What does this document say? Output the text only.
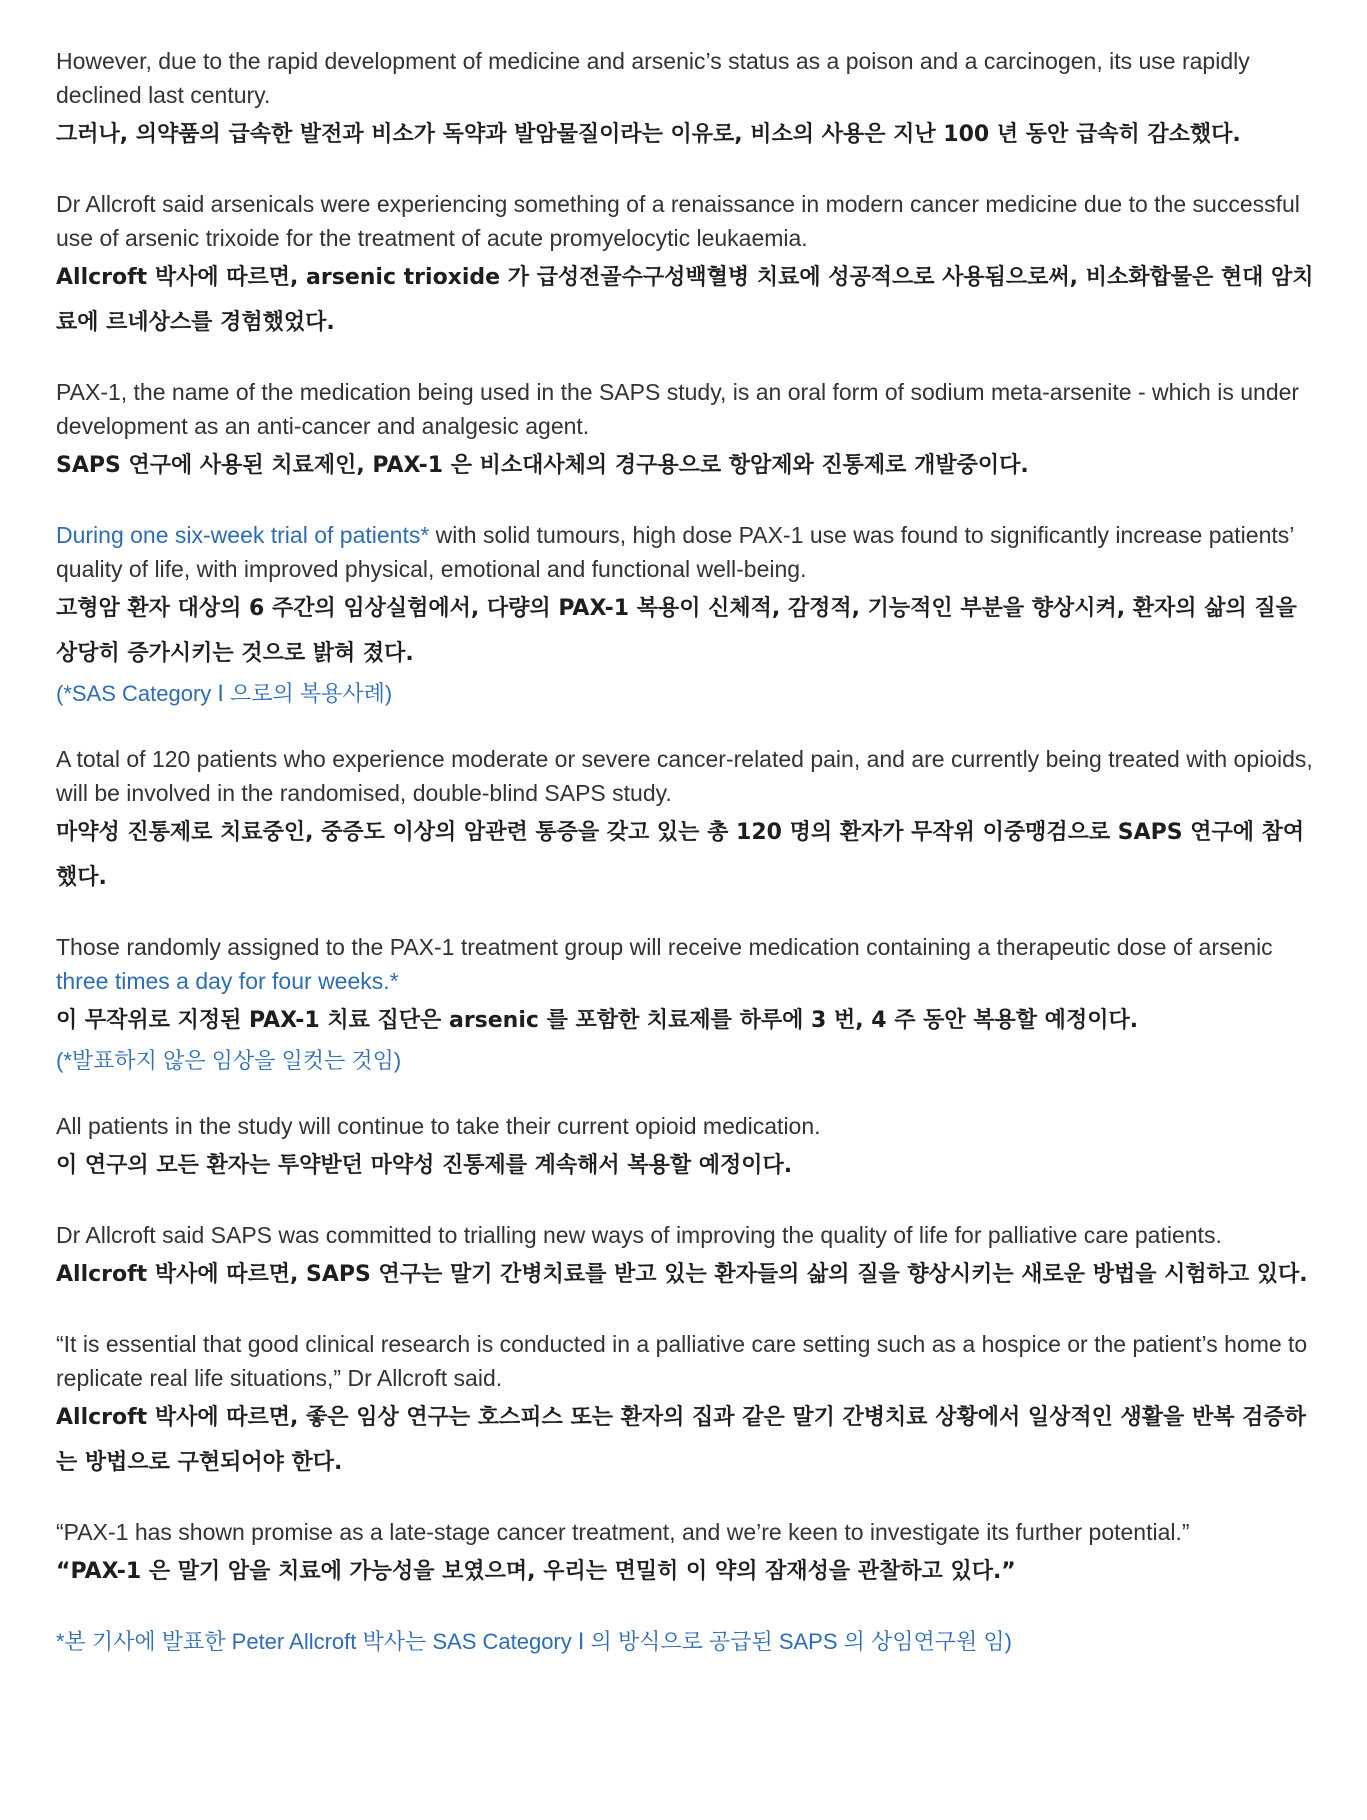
However, due to the rapid development of medicine and arsenic’s status as a poison and a carcinogen, its use rapidly declined last century.

그러나, 의약품의 급속한 발전과 비소가 독약과 발암물질이라는 이유로, 비소의 사용은 지난 100 년 동안 급속히 감소했다.

Dr Allcroft said arsenicals were experiencing something of a renaissance in modern cancer medicine due to the successful use of arsenic trixoide for the treatment of acute promyelocytic leukaemia.

Allcroft 박사에 따르면, arsenic trioxide 가 급성전골수구성백혈병 치료에 성공적으로 사용됨으로써, 비소화합물은 현대 암치료에 르네상스를 경험했었다.

PAX-1, the name of the medication being used in the SAPS study, is an oral form of sodium meta-arsenite - which is under development as an anti-cancer and analgesic agent.

SAPS 연구에 사용된 치료제인, PAX-1 은 비소대사체의 경구용으로 항암제와 진통제로 개발중이다.

During one six-week trial of patients* with solid tumours, high dose PAX-1 use was found to significantly increase patients’ quality of life, with improved physical, emotional and functional well-being.

고형암 환자 대상의 6 주간의 임상실험에서, 다량의 PAX-1 복용이 신체적, 감정적, 기능적인 부분을 향상시켜, 환자의 삶의 질을 상당히 증가시키는 것으로 밝혀 졌다.

(*SAS Category Ⅰ 으로의 복용사례)

A total of 120 patients who experience moderate or severe cancer-related pain, and are currently being treated with opioids, will be involved in the randomised, double-blind SAPS study.

마약성 진통제로 치료중인, 중증도 이상의 암관련 통증을 갖고 있는 총 120 명의 환자가 무작위 이중맹검으로 SAPS 연구에 참여했다.

Those randomly assigned to the PAX-1 treatment group will receive medication containing a therapeutic dose of arsenic three times a day for four weeks.*

이 무작위로 지정된 PAX-1 치료 집단은 arsenic 를 포함한 치료제를 하루에 3 번, 4 주 동안 복용할 예정이다.

(*발표하지 않은 임상을 일컷는 것임)

All patients in the study will continue to take their current opioid medication.

이 연구의 모든 환자는 투약받던 마약성 진통제를 계속해서 복용할 예정이다.

Dr Allcroft said SAPS was committed to trialling new ways of improving the quality of life for palliative care patients.

Allcroft 박사에 따르면, SAPS 연구는 말기 간병치료를 받고 있는 환자들의 삶의 질을 향상시키는 새로운 방법을 시험하고 있다.

“It is essential that good clinical research is conducted in a palliative care setting such as a hospice or the patient’s home to replicate real life situations,” Dr Allcroft said.

Allcroft 박사에 따르면, 좋은 임상 연구는 호스피스 또는 환자의 집과 같은 말기 간병치료 상황에서 일상적인 생활을 반복 검증하는 방법으로 구현되어야 한다.

“PAX-1 has shown promise as a late-stage cancer treatment, and we’re keen to investigate its further potential.”

“PAX-1 은 말기 암을 치료에 가능성을 보였으며, 우리는 면밀히 이 약의 잠재성을 관찰하고 있다.”

*본 기사에 발표한 Peter Allcroft 박사는 SAS Category Ⅰ 의 방식으로 공급된 SAPS 의 상임연구원 임)
